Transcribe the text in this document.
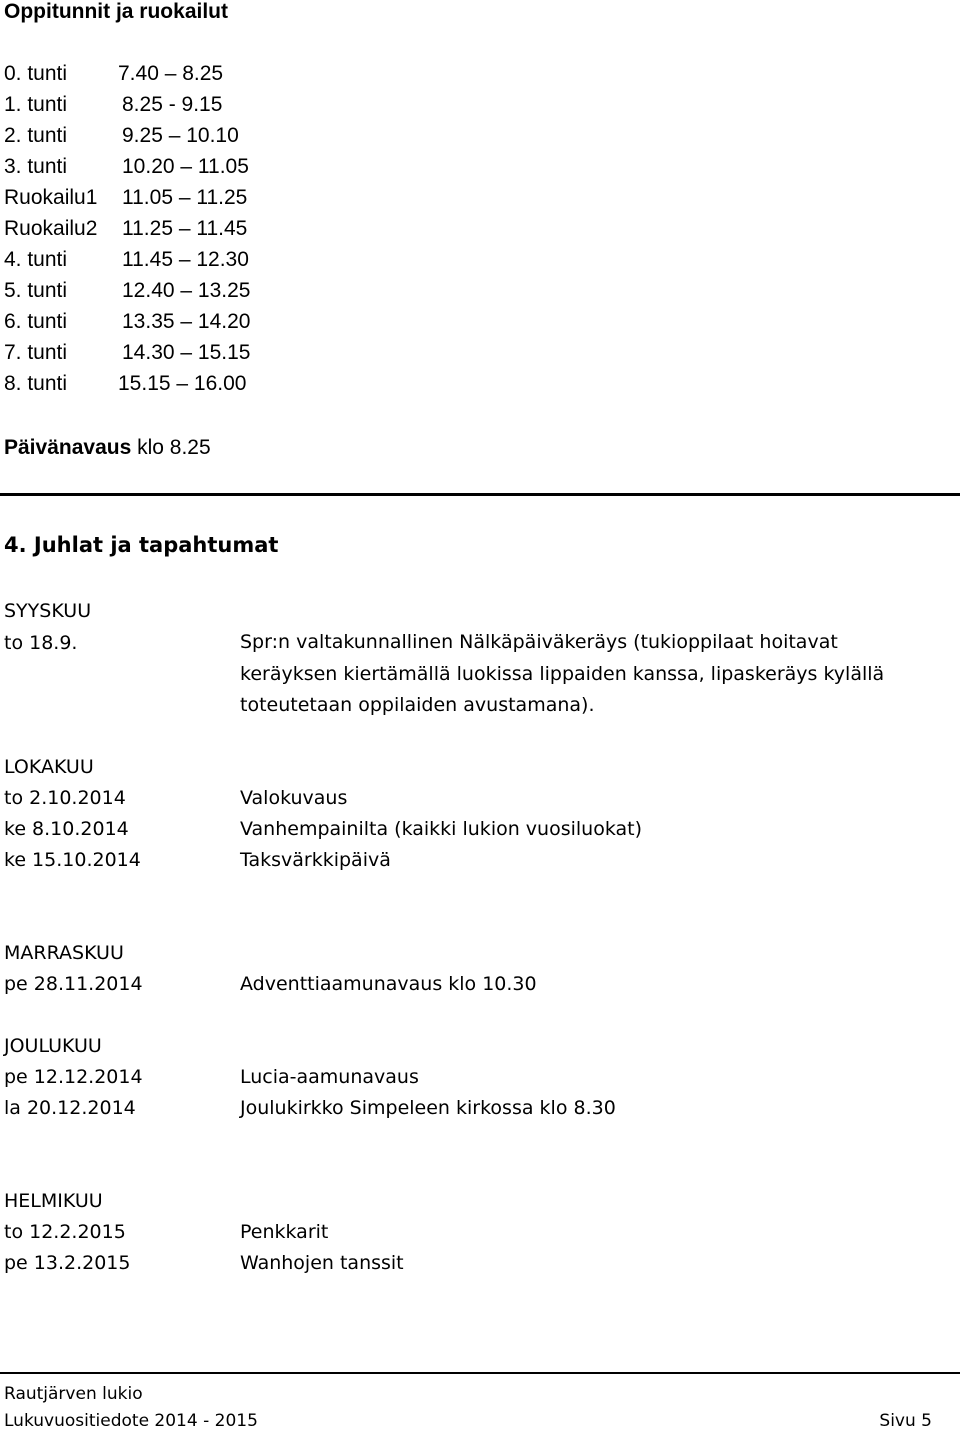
Oppitunnit ja ruokailut
0. tunti 7.40 – 8.25
1. tunti	8.25 - 9.15
2. tunti	9.25 – 10.10
3. tunti	10.20 – 11.05
Ruokailu1 11.05 – 11.25
Ruokailu2 11.25 – 11.45
4. tunti	11.45 – 12.30
5. tunti	12.40 – 13.25
6. tunti	13.35 – 14.20
7. tunti	14.30 – 15.15
8. tunti 15.15 – 16.00
Päivänavaus klo 8.25
4. Juhlat ja tapahtumat
SYYSKUU
to 18.9.	Spr:n valtakunnallinen Nälkäpäiväkeräys (tukioppilaat hoitavat
keräyksen kiertämällä luokissa lippaiden kanssa, lipaskeräys kylällä
toteutetaan oppilaiden avustamana).
LOKAKUU
to 2.10.2014	Valokuvaus
ke 8.10.2014	Vanhempainilta (kaikki lukion vuosiluokat)
ke 15.10.2014	Taksvärkkipäivä
MARRASKUU
pe 28.11.2014	Adventtiaamunavaus klo 10.30
JOULUKUU
pe 12.12.2014	Lucia-aamunavaus
la 20.12.2014	Joulukirkko Simpeleen kirkossa klo 8.30
HELMIKUU
to 12.2.2015	Penkkarit
pe 13.2.2015	Wanhojen tanssit
Rautjärven lukio
Lukuvuositiedote 2014 - 2015	Sivu 5
